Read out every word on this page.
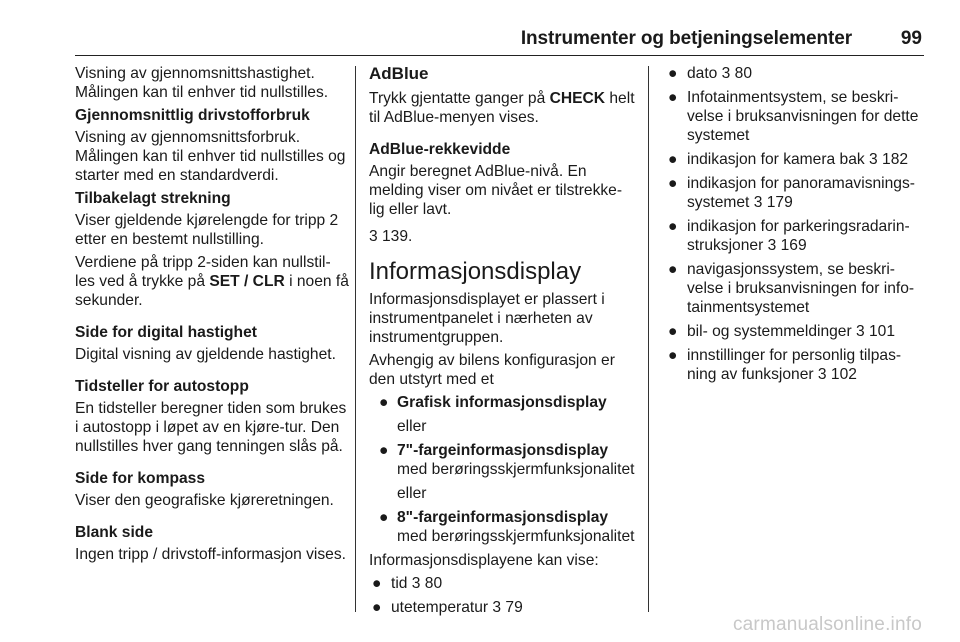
Instrumenter og betjeningselementer	99
Visning av gjennomsnittshastighet. Målingen kan til enhver tid nullstilles.
Gjennomsnittlig drivstofforbruk
Visning av gjennomsnittsforbruk. Målingen kan til enhver tid nullstilles og starter med en standardverdi.
Tilbakelagt strekning
Viser gjeldende kjørelengde for tripp 2 etter en bestemt nullstilling.
Verdiene på tripp 2-siden kan nullstil-les ved å trykke på SET / CLR i noen få sekunder.
Side for digital hastighet
Digital visning av gjeldende hastighet.
Tidsteller for autostopp
En tidsteller beregner tiden som brukes i autostopp i løpet av en kjøre-tur. Den nullstilles hver gang tenningen slås på.
Side for kompass
Viser den geografiske kjøreretningen.
Blank side
Ingen tripp / drivstoff-informasjon vises.
AdBlue
Trykk gjentatte ganger på CHECK helt til AdBlue-menyen vises.
AdBlue-rekkevidde
Angir beregnet AdBlue-nivå. En melding viser om nivået er tilstrekke-lig eller lavt.
3 139.
Informasjonsdisplay
Informasjonsdisplayet er plassert i instrumentpanelet i nærheten av instrumentgruppen.
Avhengig av bilens konfigurasjon er den utstyrt med et
● Grafisk informasjonsdisplay
eller
● 7"-fargeinformasjonsdisplay med berøringsskjermfunksjonalitet
eller
● 8"-fargeinformasjonsdisplay med berøringsskjermfunksjonalitet
Informasjonsdisplayene kan vise:
● tid 3 80
● utetemperatur 3 79
● dato 3 80
● Infotainmentsystem, se beskri-velse i bruksanvisningen for dette systemet
● indikasjon for kamera bak 3 182
● indikasjon for panoramavisnings-systemet 3 179
● indikasjon for parkeringsradarin-struksjoner 3 169
● navigasjonssystem, se beskri-velse i bruksanvisningen for info-tainmentsystemet
● bil- og systemmeldinger 3 101
● innstillinger for personlig tilpas-ning av funksjoner 3 102
carmanualsonline.info
